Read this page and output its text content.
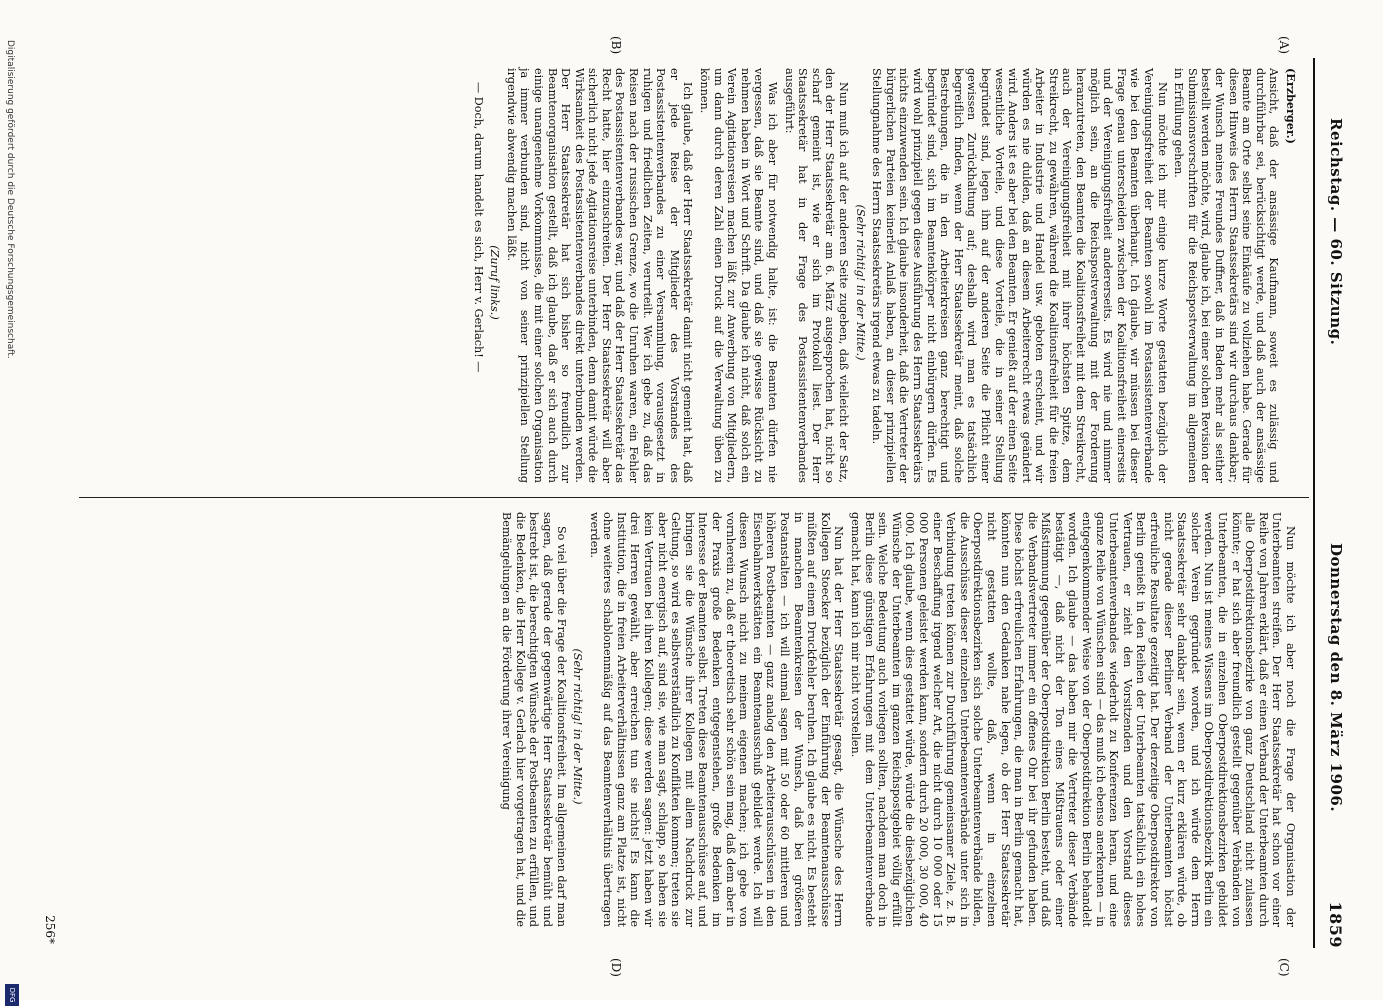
Reichstag. — 60. Sitzung.
Donnerstag den 8. März 1906.
1859
(A)
(B)
(C)
(D)

(Erzberger.)

Ansicht, daß der ansässige Kaufmann, soweit es zulässig und durchführbar sei, berücksichtigt werde, und daß auch der ansässige Beamte am Orte selbst seine Einkäufe zu vollziehen habe. Gerade für diesen Hinweis des Herrn Staatssekretärs sind wir durchaus dankbar; der Wunsch meines Freundes Duffner, daß in Baden mehr als seither bestellt werden möchte, wird, glaube ich, bei einer solchen Revision der Submissionsvorschriften für die Reichspostverwaltung im allgemeinen in Erfüllung gehen.

Nun möchte ich mir einige kurze Worte gestatten bezüglich der Vereinigungsfreiheit der Beamten sowohl im Postassistentenverbande wie bei den Beamten überhaupt. Ich glaube, wir müssen bei dieser Frage genau unterscheiden zwischen der Koalitionsfreiheit einerseits und der Vereinigungsfreiheit andererseits. Es wird nie und nimmer möglich sein, an die Reichspostverwaltung mit der Forderung heranzutreten, den Beamten die Koalitionsfreiheit mit dem Streikrecht, auch der Vereinigungsfreiheit mit ihrer höchsten Spitze, dem Streikrecht, zu gewähren, während die Koalitionsfreiheit für die freien Arbeiter in Industrie und Handel usw. geboten erscheint, und wir würden es nie dulden, daß an diesem Arbeiterrecht etwas geändert wird. Anders ist es aber bei den Beamten. Er genießt auf der einen Seite wesentliche Vorteile, und diese Vorteile, die in seiner Stellung begründet sind, legen ihm auf der anderen Seite die Pflicht einer gewissen Zurückhaltung auf; deshalb wird man es tatsächlich begreiflich finden, wenn der Herr Staatssekretär meint, daß solche Bestrebungen, die in den Arbeiterkreisen ganz berechtigt und begründet sind, sich im Beamtenkörper nicht einbürgern dürfen. Es wird wohl prinzipiell gegen diese Ausführung des Herrn Staatssekretärs nichts einzuwenden sein. Ich glaube insonderheit, daß die Vertreter der bürgerlichen Parteien keinerlei Anlaß haben, an dieser prinzipiellen Stellungnahme des Herrn Staatssekretärs irgend etwas zu tadeln.

(Sehr richtig! in der Mitte.)

Nun muß ich auf der anderen Seite zugeben, daß vielleicht der Satz, den der Herr Staatssekretär am 6. März ausgesprochen hat, nicht so scharf gemeint ist, wie er sich im Protokoll liest. Der Herr Staatssekretär hat in der Frage des Postassistentenverbandes ausgeführt:

Was ich aber für notwendig halte, ist: die Beamten dürfen nie vergessen, daß sie Beamte sind, und daß sie gewisse Rücksicht zu nehmen haben in Wort und Schrift. Da glaube ich nicht, daß solch ein Verein Agitationsreisen machen läßt zur Anwerbung von Mitgliedern, um dann durch deren Zahl einen Druck auf die Verwaltung üben zu können.

Ich glaube, daß der Herr Staatssekretär damit nicht gemeint hat, daß er jede Reise der Mitglieder des Vorstandes des Postassistentenverbandes zu einer Versammlung, vorausgesetzt in ruhigen und friedlichen Zeiten, verurteilt. Wer ich gebe zu, daß das Reisen nach der russischen Grenze, wo die Unruhen waren, ein Fehler des Postassistentenverbandes war, und daß der Herr Staatssekretär das Recht hatte, hier einzuschreiten. Der Herr Staatssekretär will aber sicherlich nicht jede Agitationsreise unterbinden, denn damit würde die Wirksamkeit des Postassistentenverbandes direkt unterbunden werden. Der Herr Staatssekretär hat sich bisher so freundlich zur Beamtenorganisation gestellt, daß ich glaube, daß er sich auch durch einige unangenehme Vorkommnisse, die mit einer solchen Organisation ja immer verbunden sind, nicht von seiner prinzipiellen Stellung irgendwie abwendig machen läßt.

(Zuruf links.)

— Doch, darum handelt es sich, Herr v. Gerlach! —

Nun möchte ich aber noch die Frage der Organisation der Unterbeamten streifen. Der Herr Staatssekretär hat schon vor einer Reihe von Jahren erklärt, daß er einen Verband der Unterbeamten durch alle Oberpostdirektionsbezirke von ganz Deutschland nicht zulassen könnte; er hat sich aber freundlich gestellt gegenüber Verbänden von Unterbeamten, die in einzelnen Oberpostdirektionsbezirken gebildet werden. Nun ist meines Wissens im Oberpostdirektionsbezirk Berlin ein solcher Verein gegründet worden, und ich würde dem Herrn Staatssekretär sehr dankbar sein, wenn er kurz erklären würde, ob nicht gerade dieser Berliner Verband der Unterbeamten höchst erfreuliche Resultate gezeitigt hat. Der derzeitige Oberpostdirektor von Berlin genießt in den Reihen der Unterbeamten tatsächlich ein hohes Vertrauen, er zieht den Vorsitzenden und den Vorstand dieses Unterbeamtenverbandes wiederholt zu Konferenzen heran, und eine ganze Reihe von Wünschen sind — das muß ich ebenso anerkennen — in entgegenkommender Weise von der Oberpostdirektion Berlin behandelt worden. Ich glaube — das haben mir die Vertreter dieser Verbände bestätigt —, daß nicht der Ton eines Mißtrauens oder einer Mißstimmung gegenüber der Oberpostdirektion Berlin besteht, und daß die Verbandsvertreter immer ein offenes Ohr bei ihr gefunden haben. Diese höchst erfreulichen Erfahrungen, die man in Berlin gemacht hat, könnten nun den Gedanken nahe legen, ob der Herr Staatssekretär nicht gestatten wollte, daß, wenn in einzelnen Oberpostdirektionsbezirken sich solche Unterbeamtenverbände bilden, die Ausschüsse dieser einzelnen Unterbeamtenverbände unter sich in Verbindung treten können zur Durchführung gemeinsamer Ziele, z. B. einer Beschaffung irgend welcher Art, die nicht durch 10 000 oder 15 000 Personen geleistet werden kann, sondern durch 20 000, 30 000, 40 000. Ich glaube, wenn dies gestattet würde, würde die diesbezüglichen Wünsche der Unterbeamten im ganzen Reichspostgebiet völlig erfüllt sein. Welche Bedeutung auch vorliegen sollten, nachdem man doch in Berlin diese günstigen Erfahrungen mit dem Unterbeamtenverbande gemacht hat, kann ich mir nicht vorstellen.

Nun hat der Herr Staatssekretär gesagt, die Wünsche des Herrn Kollegen Stoecker bezüglich der Einführung der Beamtenausschüsse müßten auf einem Druckfehler beruhen. Ich glaube es nicht. Es besteht in manchen Beamtenkreisen der Wunsch, daß bei größeren Postanstalten — ich will einmal sagen mit 50 oder 60 mittleren und höheren Postbeamten — ganz analog den Arbeiterausschüssen in den Eisenbahnwerkstätten ein Beamtenausschuß gebildet werde. Ich will diesen Wunsch nicht zu meinem eigenen machen; ich gebe von vornherein zu, daß er theoretisch sehr schön sein mag, daß dem aber in der Praxis große Bedenken entgegenstehen, große Bedenken im Interesse der Beamten selbst. Treten diese Beamtenausschüsse auf, und bringen sie die Wünsche ihrer Kollegen mit allem Nachdruck zur Geltung, so wird es selbstverständlich zu Konflikten kommen; treten sie aber nicht energisch auf, sind sie, wie man sagt, schlapp, so haben sie kein Vertrauen bei ihren Kollegen; diese werden sagen: jetzt haben wir drei Herren gewählt, aber erreichen tun sie nichts! Es kann die Institution, die in freien Arbeiterverhältnissen ganz am Platze ist, nicht ohne weiteres schablonenmäßig auf das Beamtenverhältnis übertragen werden.

(Sehr richtig! in der Mitte.)

So viel über die Frage der Koalitionsfreiheit. Im allgemeinen darf man sagen, daß gerade der gegenwärtige Herr Staatssekretär bemüht und bestrebt ist, die berechtigten Wünsche der Postbeamten zu erfüllen, und die Bedenken, die Herr Kollege v. Gerlach hier vorgetragen hat, und die Bemängelungen an die Förderung ihrer Vereinigung

256*
Digitalisierung gefördert durch die Deutsche Forschungsgemeinschaft.
DFG
